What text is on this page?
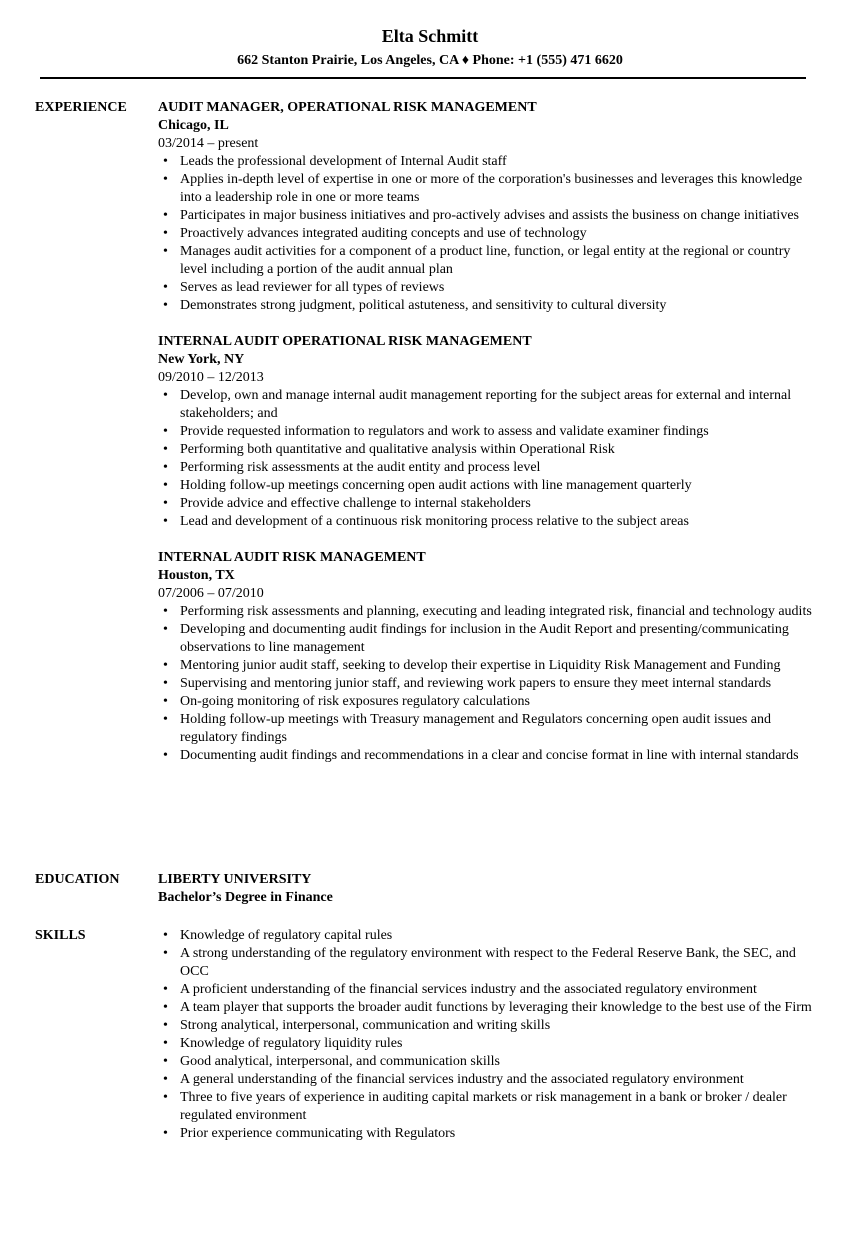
Elta Schmitt
662 Stanton Prairie, Los Angeles, CA ♦ Phone: +1 (555) 471 6620
EXPERIENCE AUDIT MANAGER, OPERATIONAL RISK MANAGEMENT
Chicago, IL
03/2014 – present
• Leads the professional development of Internal Audit staff
• Applies in-depth level of expertise in one or more of the corporation's businesses and leverages this knowledge into a leadership role in one or more teams
• Participates in major business initiatives and pro-actively advises and assists the business on change initiatives
• Proactively advances integrated auditing concepts and use of technology
• Manages audit activities for a component of a product line, function, or legal entity at the regional or country level including a portion of the audit annual plan
• Serves as lead reviewer for all types of reviews
• Demonstrates strong judgment, political astuteness, and sensitivity to cultural diversity
INTERNAL AUDIT OPERATIONAL RISK MANAGEMENT
New York, NY
09/2010 – 12/2013
• Develop, own and manage internal audit management reporting for the subject areas for external and internal stakeholders; and
• Provide requested information to regulators and work to assess and validate examiner findings
• Performing both quantitative and qualitative analysis within Operational Risk
• Performing risk assessments at the audit entity and process level
• Holding follow-up meetings concerning open audit actions with line management quarterly
• Provide advice and effective challenge to internal stakeholders
• Lead and development of a continuous risk monitoring process relative to the subject areas
INTERNAL AUDIT RISK MANAGEMENT
Houston, TX
07/2006 – 07/2010
• Performing risk assessments and planning, executing and leading integrated risk, financial and technology audits
• Developing and documenting audit findings for inclusion in the Audit Report and presenting/communicating observations to line management
• Mentoring junior audit staff, seeking to develop their expertise in Liquidity Risk Management and Funding
• Supervising and mentoring junior staff, and reviewing work papers to ensure they meet internal standards
• On-going monitoring of risk exposures regulatory calculations
• Holding follow-up meetings with Treasury management and Regulators concerning open audit issues and regulatory findings
• Documenting audit findings and recommendations in a clear and concise format in line with internal standards
EDUCATION	LIBERTY UNIVERSITY
Bachelor’s Degree in Finance
SKILLS
•	Knowledge of regulatory capital rules
• A strong understanding of the regulatory environment with respect to the Federal Reserve Bank, the SEC, and OCC
• A proficient understanding of the financial services industry and the associated regulatory environment
• A team player that supports the broader audit functions by leveraging their knowledge to the best use of the Firm
• Strong analytical, interpersonal, communication and writing skills
• Knowledge of regulatory liquidity rules
• Good analytical, interpersonal, and communication skills
• A general understanding of the financial services industry and the associated regulatory environment
• Three to five years of experience in auditing capital markets or risk management in a bank or broker / dealer regulated environment
• Prior experience communicating with Regulators
